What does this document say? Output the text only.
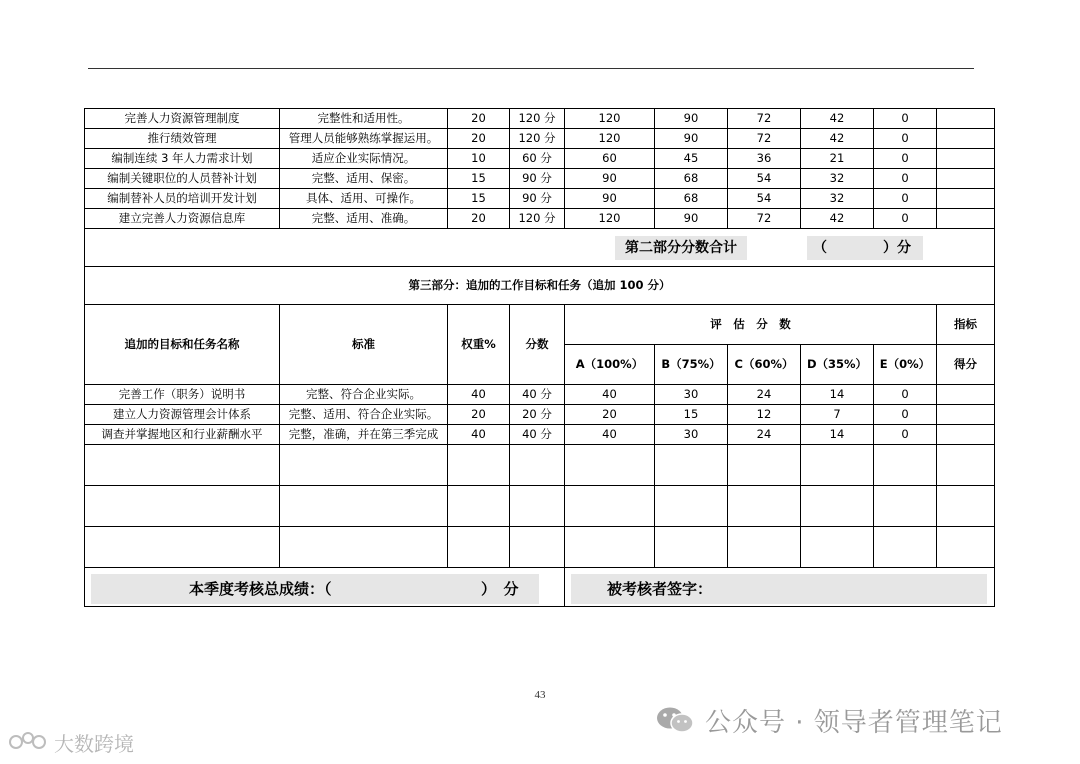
完善人力资源管理制度	完整性和适用性。	20	120 分	120	90	72	42	0	
推行绩效管理	管理人员能够熟练掌握运用。	20	120 分	120	90	72	42	0	
编制连续 3 年人力需求计划	适应企业实际情况。	10	60 分	60	45	36	21	0	
编制关键职位的人员替补计划	完整、适用、保密。	15	90 分	90	68	54	32	0	
编制替补人员的培训开发计划	具体、适用、可操作。	15	90 分	90	68	54	32	0	
建立完善人力资源信息库	完整、适用、准确。	20	120 分	120	90	72	42	0	

第二部分分数合计 （ ）分									

第三部分：追加的工作目标和任务（追加 100 分）									
追加的目标和任务名称	标准	权重%	分数	评　估　分　数					指标
				A（100%）	B（75%）	C（60%）	D（35%）	E（0%）	得分
完善工作（职务）说明书	完整、符合企业实际。	40	40 分	40	30	24	14	0	
建立人力资源管理会计体系	完整、适用、符合企业实际。	20	20 分	20	15	12	7	0	
调查并掌握地区和行业薪酬水平	完整，准确，并在第三季完成	40	40 分	40	30	24	14	0	

本季度考核总成绩：（ ）　分				被考核者签字：					
43
公众号 · 领导者管理笔记
大数跨境
